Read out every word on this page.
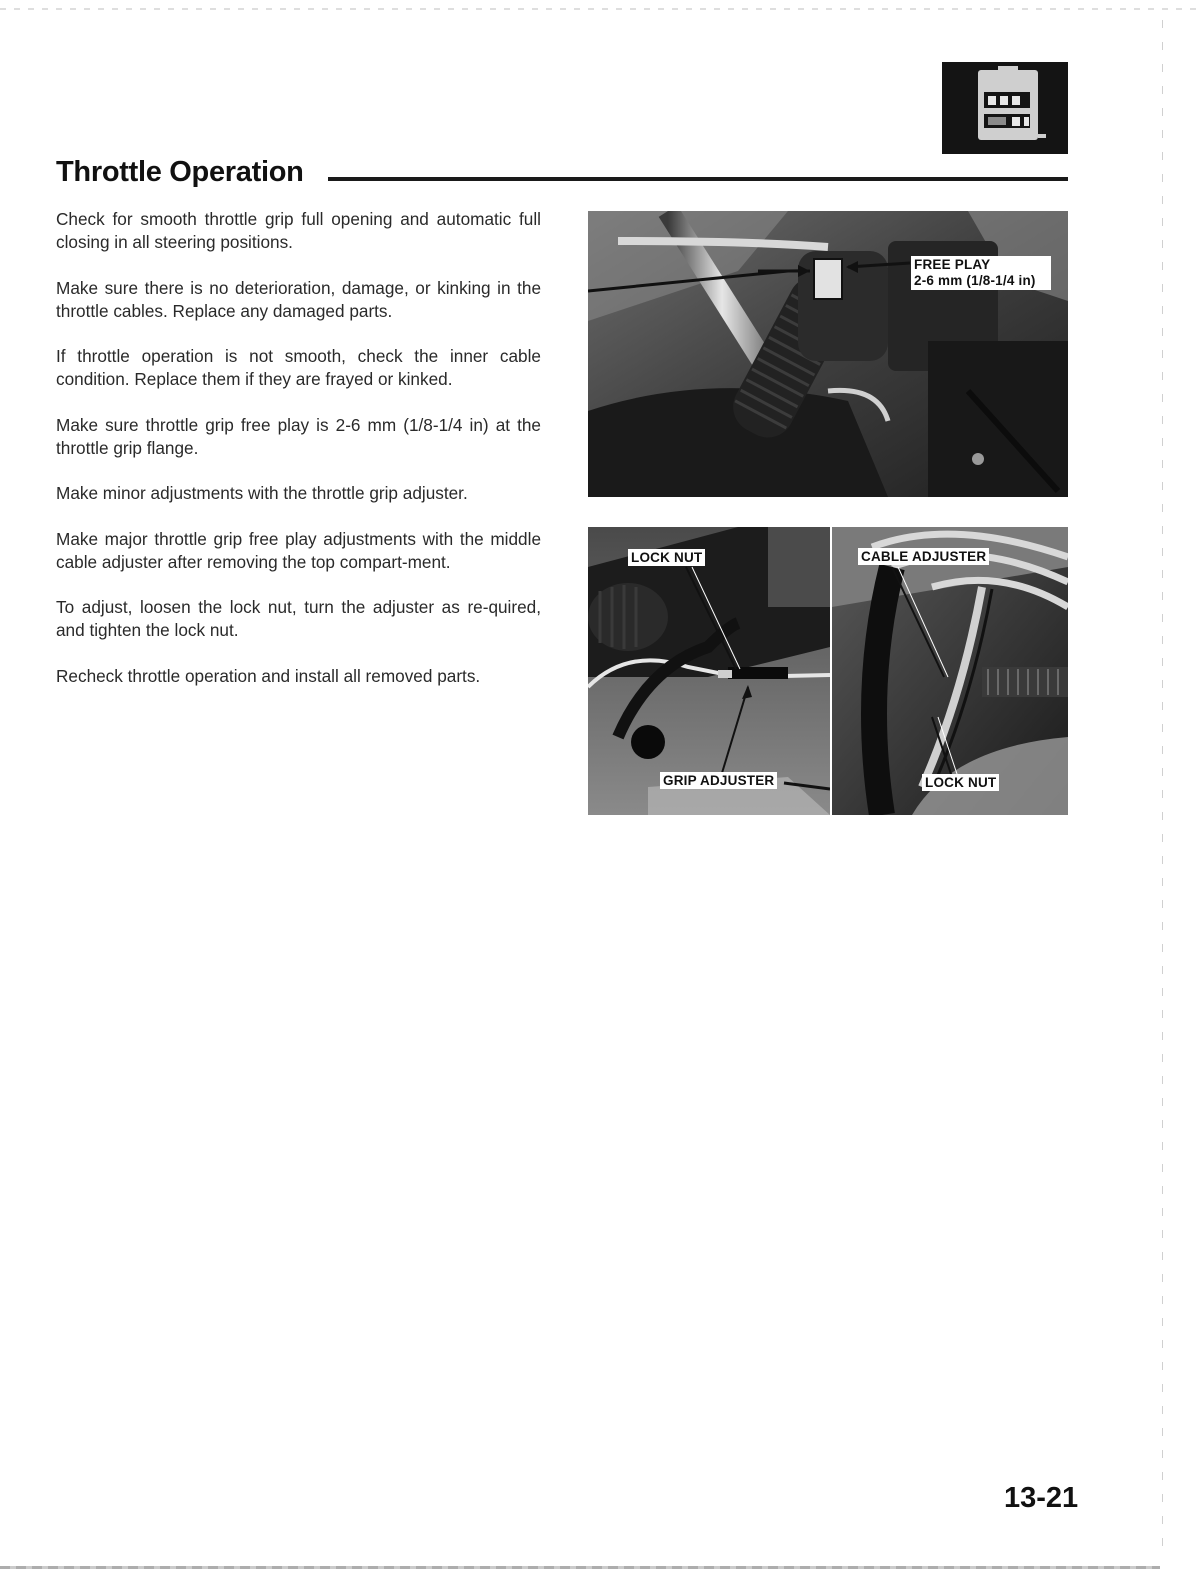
Throttle Operation

Check for smooth throttle grip full opening and automatic full closing in all steering positions.

Make sure there is no deterioration, damage, or kinking in the throttle cables. Replace any damaged parts.

If throttle operation is not smooth, check the inner cable condition. Replace them if they are frayed or kinked.

Make sure throttle grip free play is 2-6 mm (1/8-1/4 in) at the throttle grip flange.

Make minor adjustments with the throttle grip adjuster.

Make major throttle grip free play adjustments with the middle cable adjuster after removing the top compart-ment.

To adjust, loosen the lock nut, turn the adjuster as re-quired, and tighten the lock nut.

Recheck throttle operation and install all removed parts.

FREE PLAY
2-6 mm (1/8-1/4 in)
LOCK NUT
GRIP ADJUSTER
CABLE ADJUSTER
LOCK NUT
13-21
